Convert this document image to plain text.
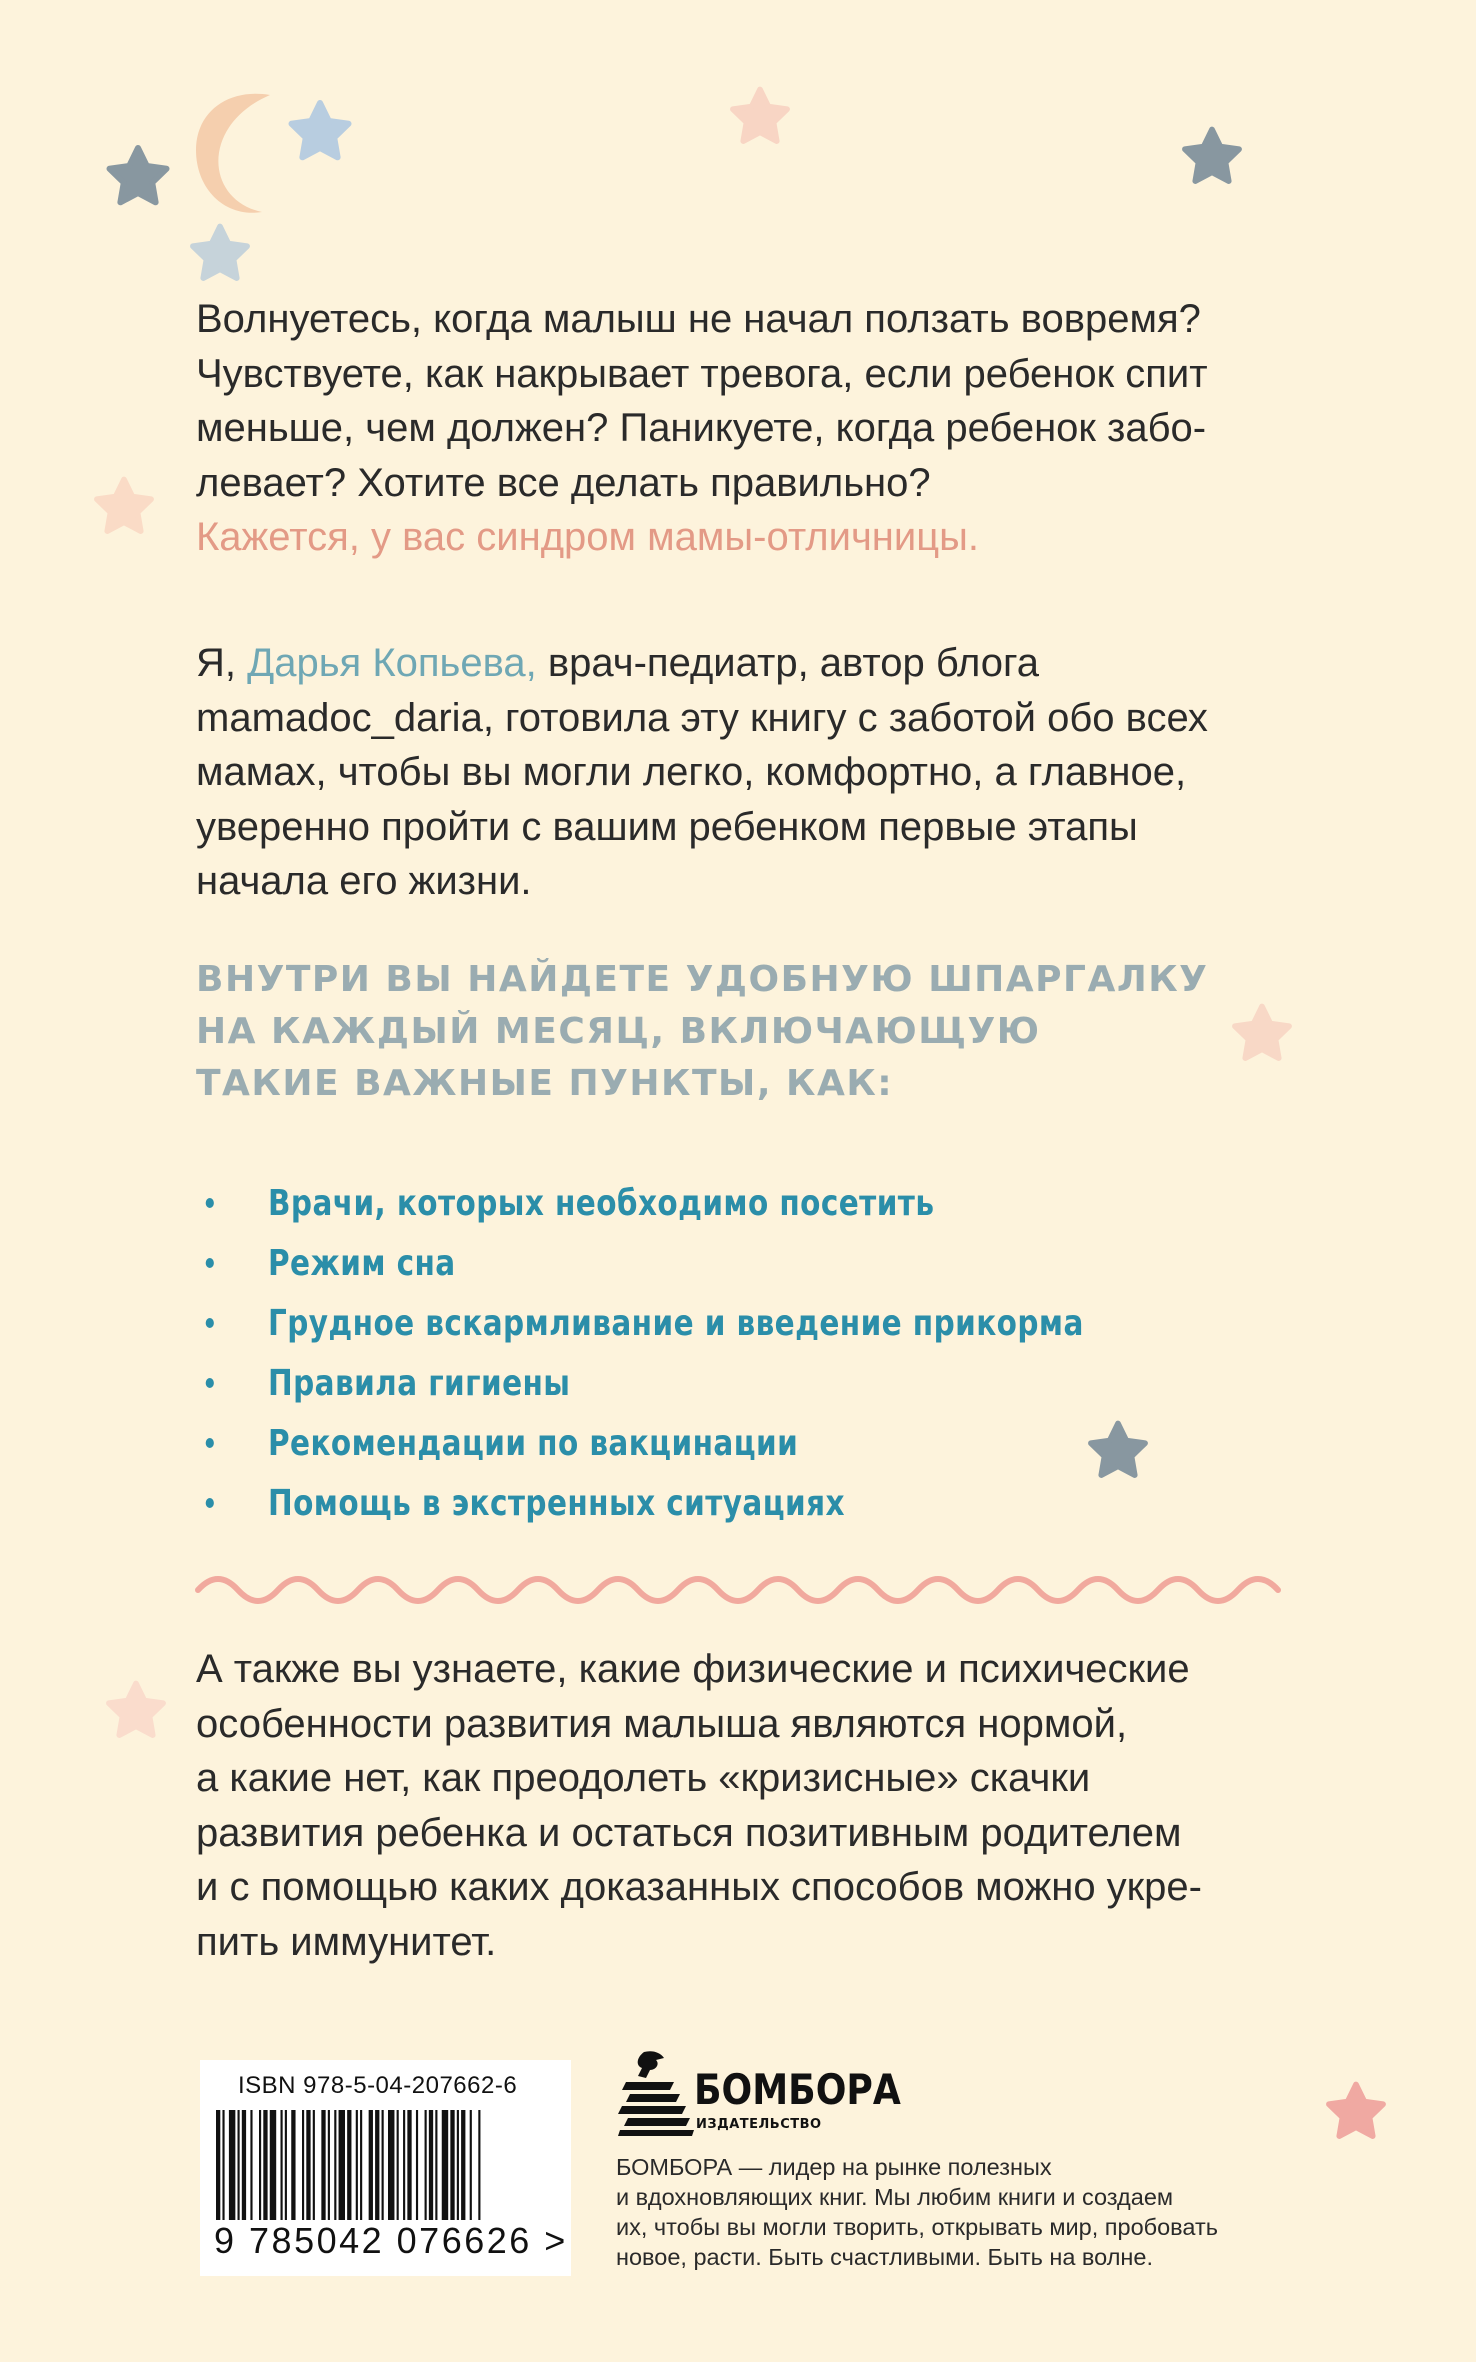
Волнуетесь, когда малыш не начал ползать вовремя?
Чувствуете, как накрывает тревога, если ребенок спит
меньше, чем должен? Паникуете, когда ребенок забо-
левает? Хотите все делать правильно?
Кажется, у вас синдром мамы-отличницы.
Я, Дарья Копьева, врач-педиатр, автор блога
mamadoc_daria, готовила эту книгу с заботой обо всех
мамах, чтобы вы могли легко, комфортно, а главное,
уверенно пройти с вашим ребенком первые этапы
начала его жизни.
ВНУТРИ ВЫ НАЙДЕТЕ УДОБНУЮ ШПАРГАЛКУ
НА КАЖДЫЙ МЕСЯЦ, ВКЛЮЧАЮЩУЮ
ТАКИЕ ВАЖНЫЕ ПУНКТЫ, КАК:
Врачи, которых необходимо посетить
Режим сна
Грудное вскармливание и введение прикорма
Правила гигиены
Рекомендации по вакцинации
Помощь в экстренных ситуациях
А также вы узнаете, какие физические и психические
особенности развития малыша являются нормой,
а какие нет, как преодолеть «кризисные» скачки
развития ребенка и остаться позитивным родителем
и с помощью каких доказанных способов можно укре-
пить иммунитет.
ISBN 978-5-04-207662-6
9 785042 076626 >
БОМБОРА
ИЗДАТЕЛЬСТВО
БОМБОРА — лидер на рынке полезных
и вдохновляющих книг. Мы любим книги и создаем
их, чтобы вы могли творить, открывать мир, пробовать
новое, расти. Быть счастливыми. Быть на волне.
